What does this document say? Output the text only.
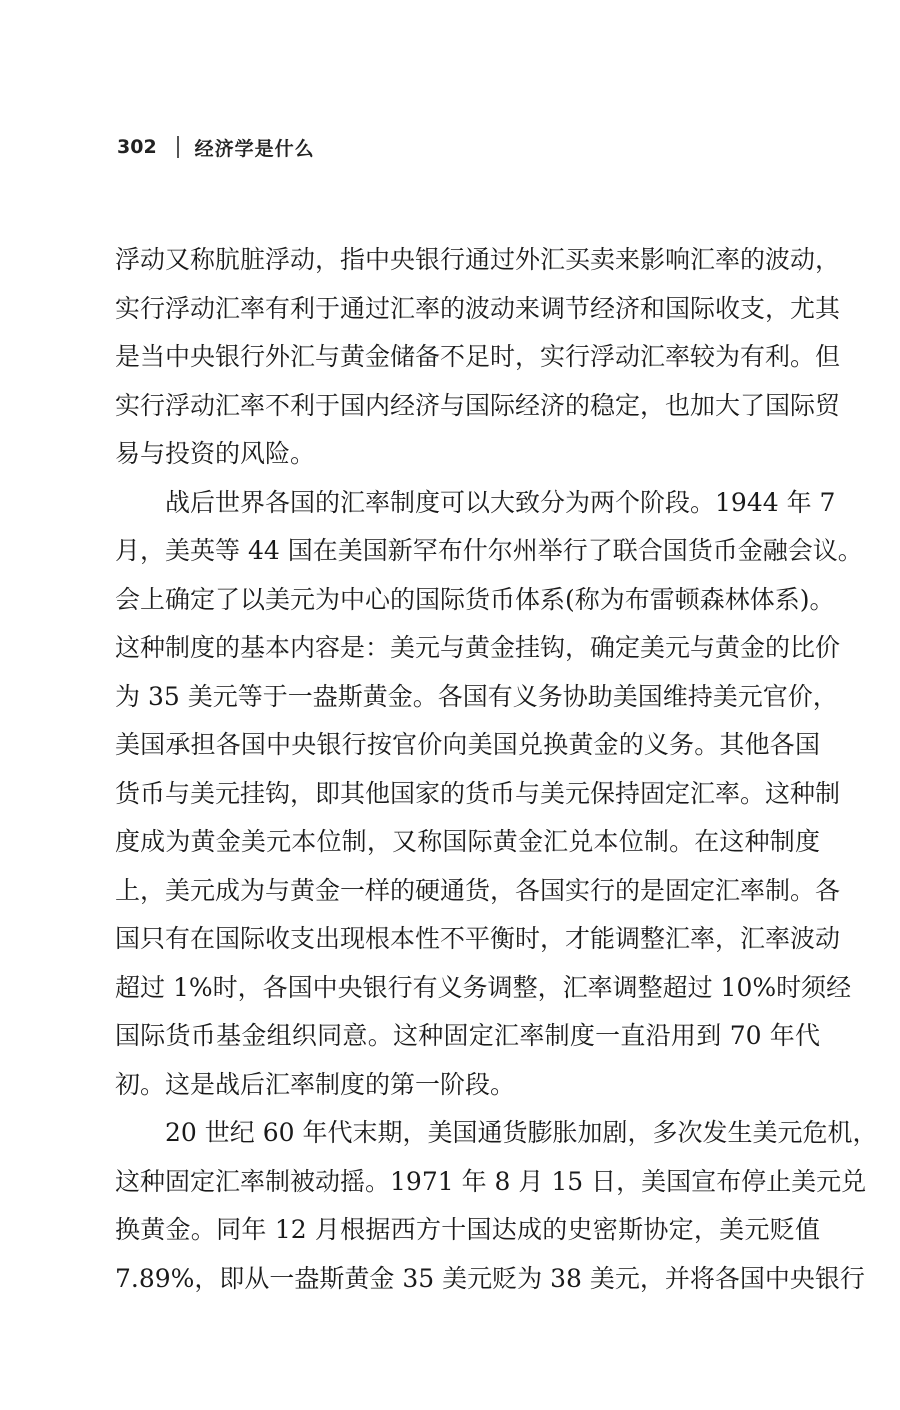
302 经济学是什么
浮动又称肮脏浮动，指中央银行通过外汇买卖来影响汇率的波动，
实行浮动汇率有利于通过汇率的波动来调节经济和国际收支，尤其
是当中央银行外汇与黄金储备不足时，实行浮动汇率较为有利。但
实行浮动汇率不利于国内经济与国际经济的稳定，也加大了国际贸
易与投资的风险。
战后世界各国的汇率制度可以大致分为两个阶段。1944 年 7
月，美英等 44 国在美国新罕布什尔州举行了联合国货币金融会议。
会上确定了以美元为中心的国际货币体系(称为布雷顿森林体系)。
这种制度的基本内容是：美元与黄金挂钩，确定美元与黄金的比价
为 35 美元等于一盎斯黄金。各国有义务协助美国维持美元官价，
美国承担各国中央银行按官价向美国兑换黄金的义务。其他各国
货币与美元挂钩，即其他国家的货币与美元保持固定汇率。这种制
度成为黄金美元本位制，又称国际黄金汇兑本位制。在这种制度
上，美元成为与黄金一样的硬通货，各国实行的是固定汇率制。各
国只有在国际收支出现根本性不平衡时，才能调整汇率，汇率波动
超过 1%时，各国中央银行有义务调整，汇率调整超过 10%时须经
国际货币基金组织同意。这种固定汇率制度一直沿用到 70 年代
初。这是战后汇率制度的第一阶段。
20 世纪 60 年代末期，美国通货膨胀加剧，多次发生美元危机，
这种固定汇率制被动摇。1971 年 8 月 15 日，美国宣布停止美元兑
换黄金。同年 12 月根据西方十国达成的史密斯协定，美元贬值
7.89%，即从一盎斯黄金 35 美元贬为 38 美元，并将各国中央银行
